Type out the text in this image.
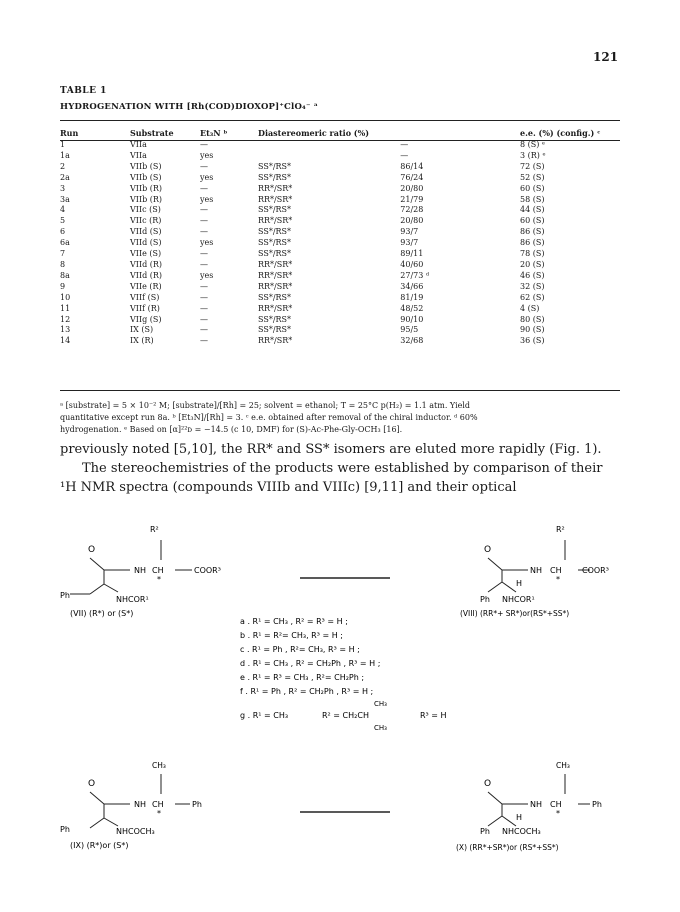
121
TABLE 1
HYDROGENATION WITH [Rh(COD)DIOXOP]⁺ClO₄⁻ ᵃ
Run	Substrate	Et₃N ᵇ	Diastereomeric ratio (%)		e.e. (%) (config.) ᶜ
1	VIIa	—		—	8 (S) ᵉ
1a	VIIa	yes		—	3 (R) ᵉ
2	VIIb (S)	—	SS*/RS*	86/14	72 (S)
2a	VIIb (S)	yes	SS*/RS*	76/24	52 (S)
3	VIIb (R)	—	RR*/SR*	20/80	60 (S)
3a	VIIb (R)	yes	RR*/SR*	21/79	58 (S)
4	VIIc (S)	—	SS*/RS*	72/28	44 (S)
5	VIIc (R)	—	RR*/SR*	20/80	60 (S)
6	VIId (S)	—	SS*/RS*	93/7	86 (S)
6a	VIId (S)	yes	SS*/RS*	93/7	86 (S)
7	VIIe (S)	—	SS*/RS*	89/11	78 (S)
8	VIId (R)	—	RR*/SR*	40/60	20 (S)
8a	VIId (R)	yes	RR*/SR*	27/73 ᵈ	46 (S)
9	VIIe (R)	—	RR*/SR*	34/66	32 (S)
10	VIIf (S)	—	SS*/RS*	81/19	62 (S)
11	VIIf (R)	—	RR*/SR*	48/52	4 (S)
12	VIIg (S)	—	SS*/RS*	90/10	80 (S)
13	IX (S)	—	SS*/RS*	95/5	90 (S)
14	IX (R)	—	RR*/SR*	32/68	36 (S)
ᵃ [substrate] = 5 × 10⁻² M; [substrate]/[Rh] = 25; solvent = ethanol; T = 25°C p(H₂) = 1.1 atm. Yield
quantitative except run 8a. ᵇ [Et₃N]/[Rh] = 3. ᶜ e.e. obtained after removal of the chiral inductor. ᵈ 60%
hydrogenation. ᵉ Based on [α]²²ᴅ = −14.5 (c 10, DMF) for (S)-Ac-Phe-Gly-OCH₃ [16].

previously noted [5,10], the RR* and SS* isomers are eluted more rapidly (Fig. 1).

The stereochemistries of the products were established by comparison of their ¹H NMR spectra (compounds VIIIb and VIIIc) [9,11] and their optical

O
R²
NH CH
*
COOR³
NHCOR¹
Ph
(VII) (R*) or (S*)
O
R²
NH CH
*
COOR³
H
Ph NHCOR¹
(VIII) (RR*+ SR*)or(RS*+SS*)
a . R¹ = CH₃ , R² = R³ = H ;
b . R¹ = R²= CH₃, R³ = H ;
c . R¹ = Ph , R²= CH₃, R³ = H ;
d . R¹ = CH₃ , R² = CH₂Ph , R³ = H ;
e . R¹ = R³ = CH₃ , R²= CH₂Ph ;
f . R¹ = Ph , R² = CH₂Ph , R³ = H ;
g . R¹ = CH₃	R² = CH₂CH
CH₃
CH₃
R³ = H
O
CH₃
NH CH
*
Ph
NHCOCH₃
Ph
(IX) (R*)or (S*)
O
CH₃
NH CH
*
Ph
H
Ph NHCOCH₃
(X) (RR*+SR*)or (RS*+SS*)
